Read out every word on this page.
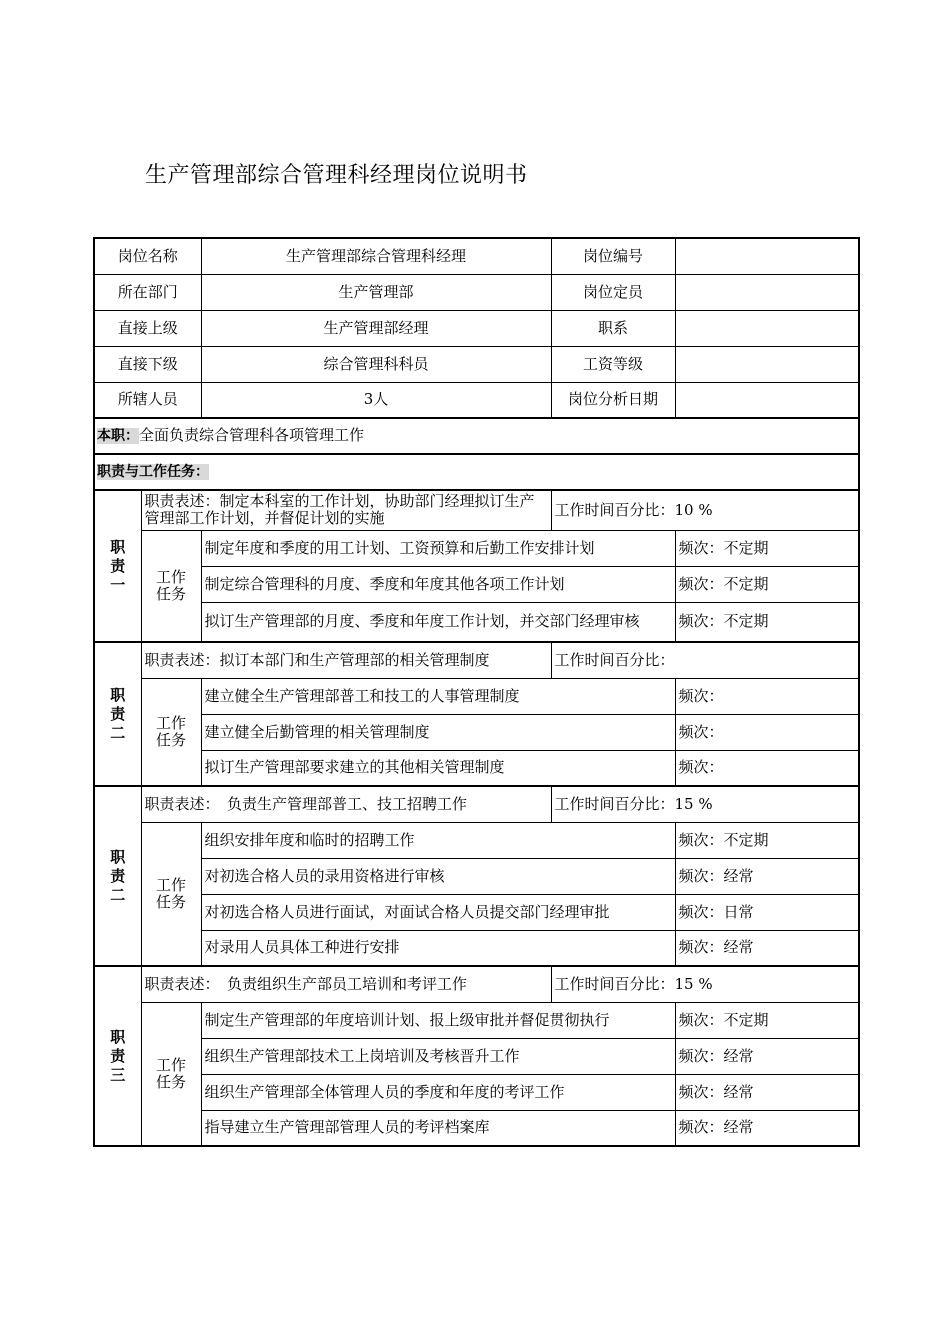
生产管理部综合管理科经理岗位说明书
岗位名称		生产管理部综合管理科经理	岗位编号	
所在部门		生产管理部	岗位定员	
直接上级		生产管理部经理	职系	
直接下级		综合管理科科员	工资等级	
所辖人员		3人	岗位分析日期	
本职：全面负责综合管理科各项管理工作				
职责与工作任务：				

职责一	职责表述：制定本科室的工作计划，协助部门经理拟订生产管理部工作计划，并督促计划的实施		工作时间百分比：10 %	

	工作任务	制定年度和季度的用工计划、工资预算和后勤工作安排计划		频次：不定期
		制定综合管理科的月度、季度和年度其他各项工作计划		频次：不定期
		拟订生产管理部的月度、季度和年度工作计划，并交部门经理审核		频次：不定期

职责二	职责表述：拟订本部门和生产管理部的相关管理制度		工作时间百分比：	

	工作任务	建立健全生产管理部普工和技工的人事管理制度		频次：
		建立健全后勤管理的相关管理制度		频次：
		拟订生产管理部要求建立的其他相关管理制度		频次：

职责二	职责表述：　负责生产管理部普工、技工招聘工作		工作时间百分比：15 %	

	工作任务	组织安排年度和临时的招聘工作		频次：不定期
		对初选合格人员的录用资格进行审核		频次：经常
		对初选合格人员进行面试，对面试合格人员提交部门经理审批		频次：日常
		对录用人员具体工种进行安排		频次：经常

职责三	职责表述：　负责组织生产部员工培训和考评工作		工作时间百分比：15 %	

	工作任务	制定生产管理部的年度培训计划、报上级审批并督促贯彻执行		频次：不定期
		组织生产管理部技术工上岗培训及考核晋升工作		频次：经常
		组织生产管理部全体管理人员的季度和年度的考评工作		频次：经常
		指导建立生产管理部管理人员的考评档案库		频次：经常
